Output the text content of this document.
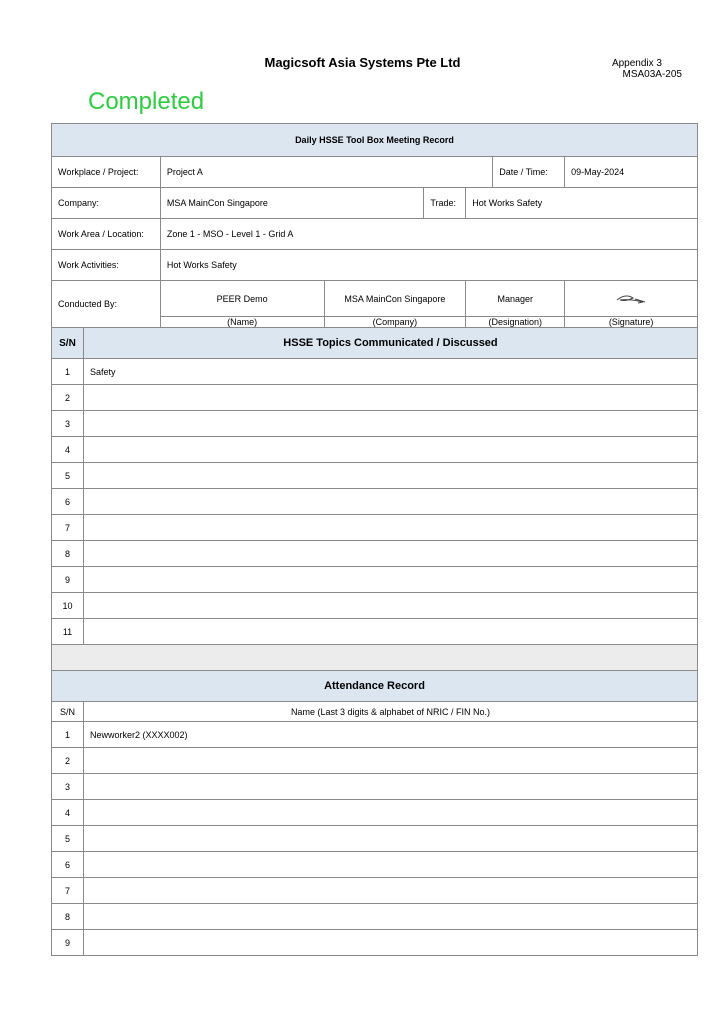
Magicsoft Asia Systems Pte Ltd	Appendix 3
MSA03A-205
Completed
Daily HSSE Tool Box Meeting Record							
Workplace / Project:		Project A				Date / Time:	09-May-2024
Company:		MSA MainCon Singapore		Trade:	Hot Works Safety		
Work Area / Location:		Zone 1 - MSO - Level 1 - Grid A					
Work Activities:		Hot Works Safety					
Conducted By:		PEER Demo	MSA MainCon Singapore		Manager	

		(Name)	(Company)		(Designation)		(Signature)
S/N	HSSE Topics Communicated / Discussed						
1	Safety						
2							
3							
4							
5							
6							
7							
8							
9							
10							
11							

Attendance Record							
S/N	Name (Last 3 digits & alphabet of NRIC / FIN No.)						
1	Newworker2 (XXXX002)						
2							
3							
4							
5							
6							
7							
8							
9							
